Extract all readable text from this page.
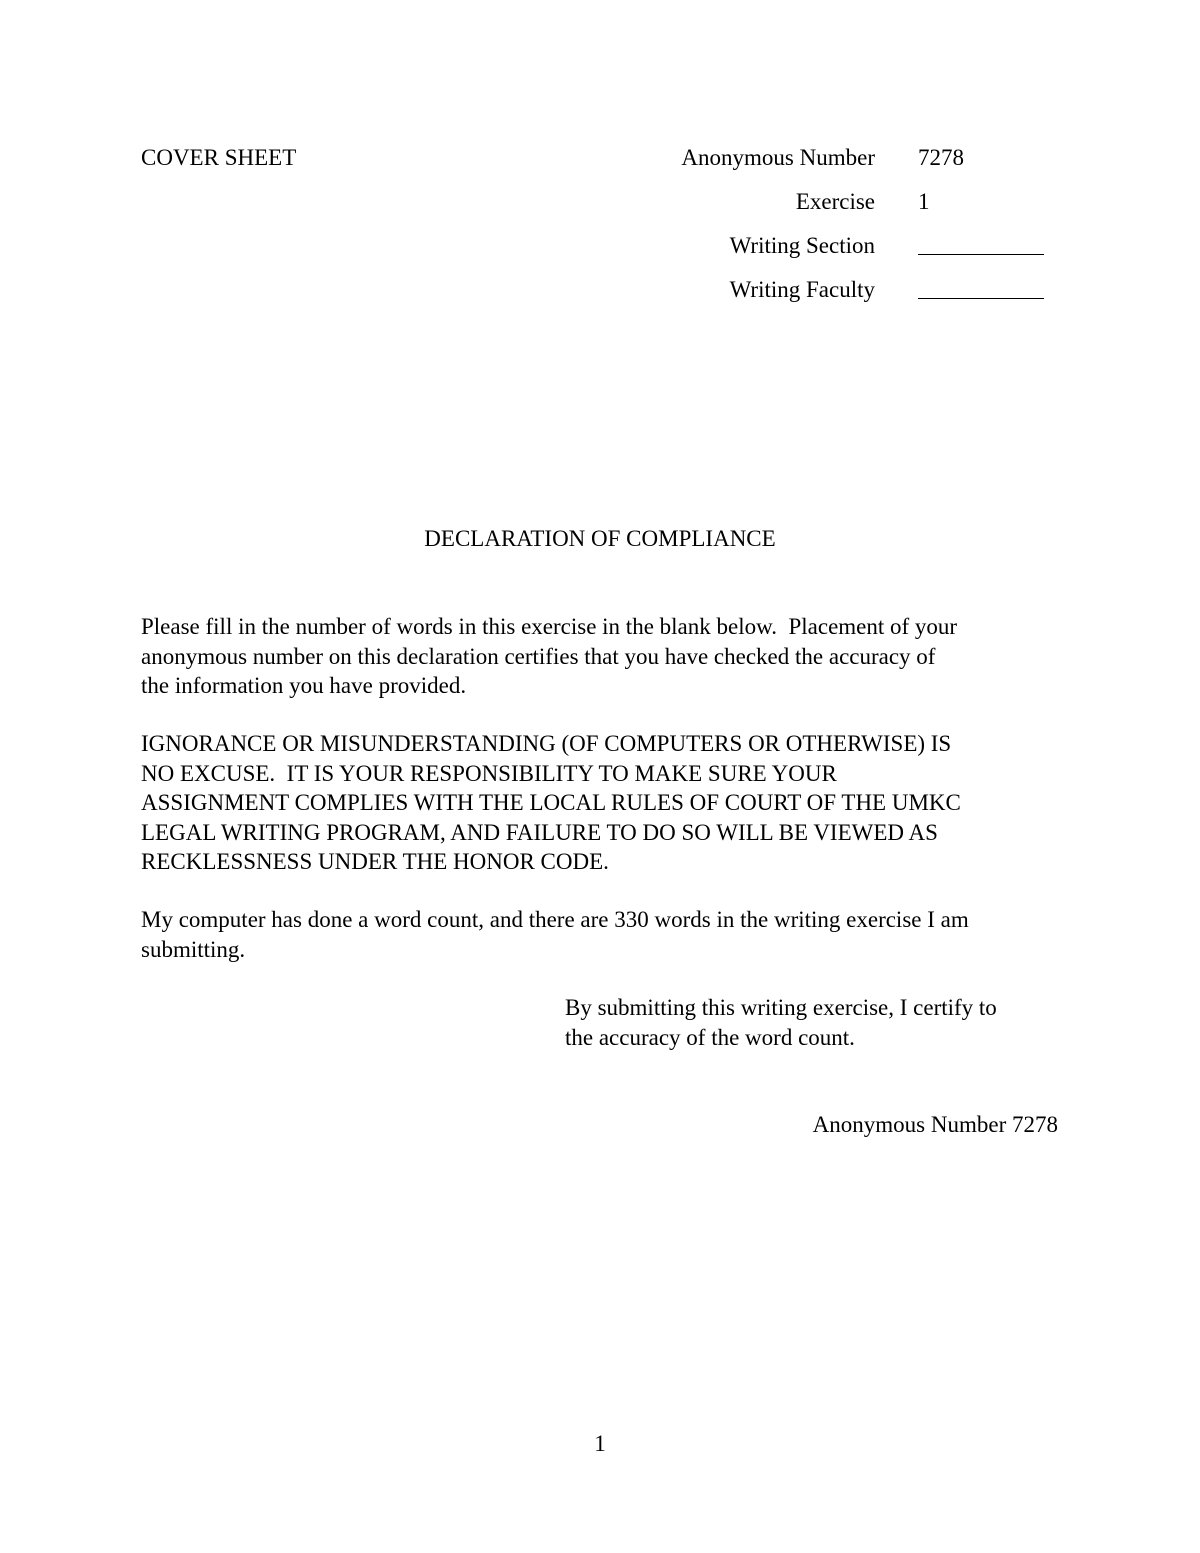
COVER SHEET	Anonymous Number 7278
Exercise 1
Writing Section
Writing Faculty
DECLARATION OF COMPLIANCE
Please fill in the number of words in this exercise in the blank below.  Placement of your
anonymous number on this declaration certifies that you have checked the accuracy of
the information you have provided.
IGNORANCE OR MISUNDERSTANDING (OF COMPUTERS OR OTHERWISE) IS
NO EXCUSE.  IT IS YOUR RESPONSIBILITY TO MAKE SURE YOUR
ASSIGNMENT COMPLIES WITH THE LOCAL RULES OF COURT OF THE UMKC
LEGAL WRITING PROGRAM, AND FAILURE TO DO SO WILL BE VIEWED AS
RECKLESSNESS UNDER THE HONOR CODE.
My computer has done a word count, and there are 330 words in the writing exercise I am
submitting.
By submitting this writing exercise, I certify to
the accuracy of the word count.
Anonymous Number 7278
1
